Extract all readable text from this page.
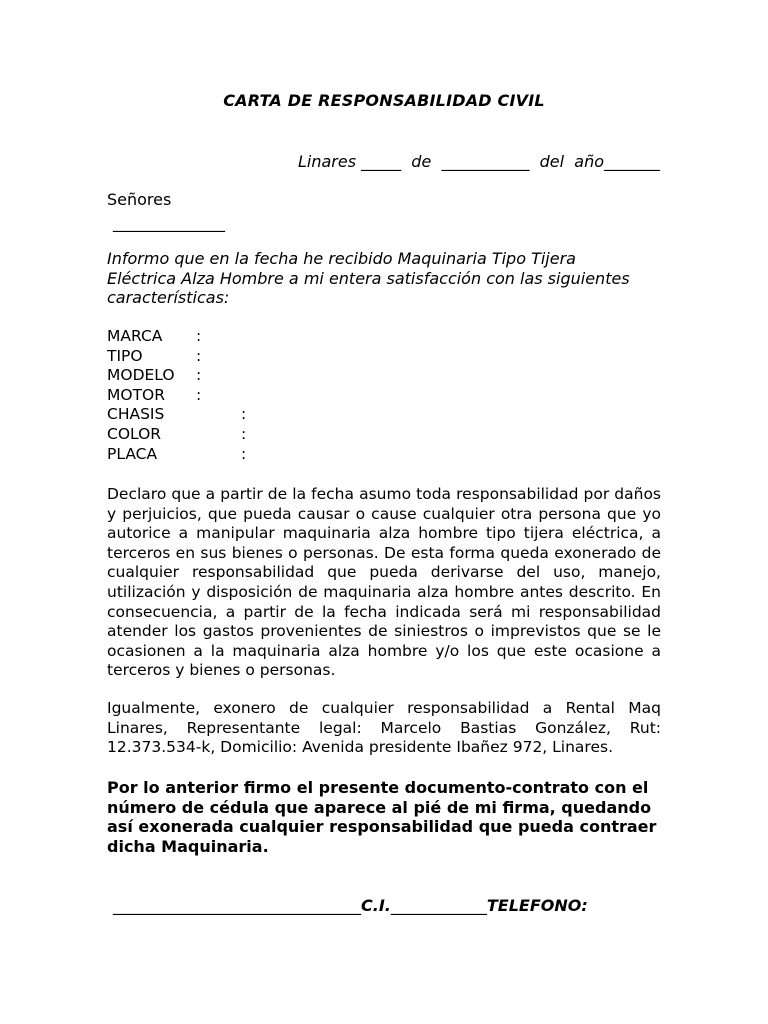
CARTA DE RESPONSABILIDAD CIVIL
Linares _____  de  ___________  del  año_______
Señores
______________
Informo que en la fecha he recibido Maquinaria Tipo Tijera Eléctrica Alza Hombre a mi entera satisfacción con las siguientes características:
MARCA :
TIPO	:
MODELO :
MOTOR :
CHASIS	:
COLOR	:
PLACA	:
Declaro que a partir de la fecha asumo toda responsabilidad por daños y perjuicios, que pueda causar o cause cualquier otra persona que yo autorice a manipular maquinaria alza hombre tipo tijera eléctrica, a terceros en sus bienes o personas. De esta forma queda exonerado de cualquier responsabilidad que pueda derivarse del uso, manejo, utilización y disposición de maquinaria alza hombre antes descrito. En consecuencia, a partir de la fecha indicada será mi responsabilidad atender los gastos provenientes de siniestros o imprevistos que se le ocasionen a la maquinaria alza hombre y/o los que este ocasione a terceros y bienes o personas.
Igualmente, exonero de cualquier responsabilidad a Rental Maq Linares, Representante legal: Marcelo Bastias González, Rut: 12.373.534-k, Domicilio: Avenida presidente Ibañez 972, Linares.
Por lo anterior firmo el presente documento-contrato con el número de cédula que aparece al pié de mi firma, quedando así exonerada cualquier responsabilidad que pueda contraer dicha Maquinaria.
_______________________________C.I.____________TELEFONO:
